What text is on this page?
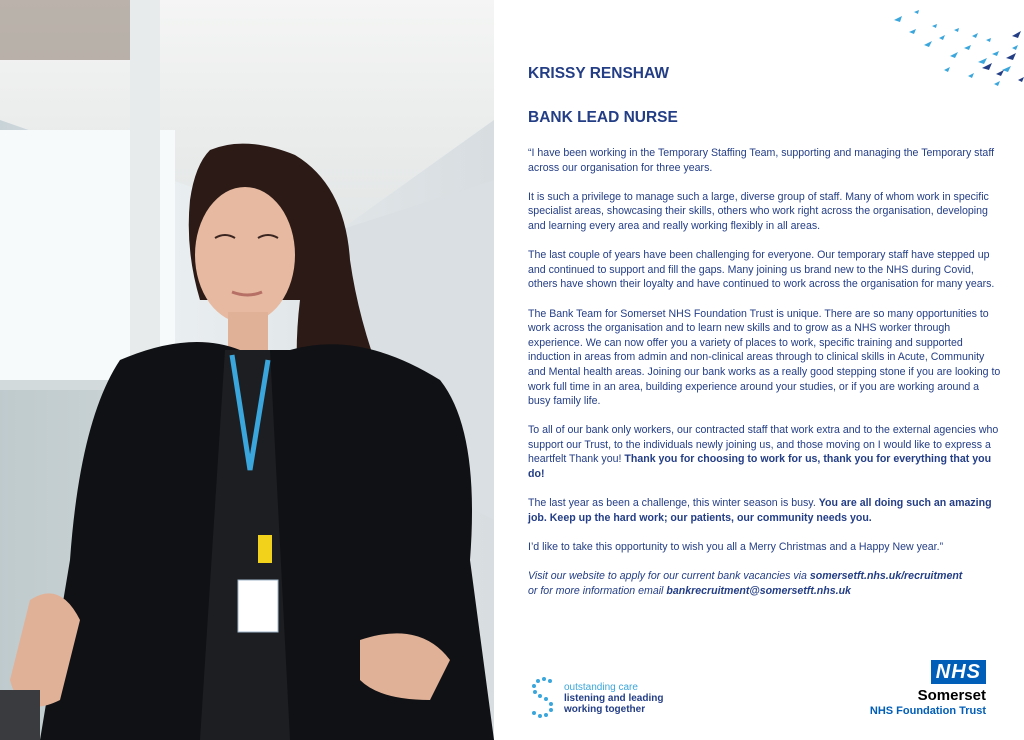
KRISSY RENSHAW
BANK LEAD NURSE

“I have been working in the Temporary Staffing Team, supporting and managing the Temporary staff across our organisation for three years.

It is such a privilege to manage such a large, diverse group of staff. Many of whom work in specific specialist areas, showcasing their skills, others who work right across the organisation, developing and learning every area and really working flexibly in all areas.

The last couple of years have been challenging for everyone. Our temporary staff have stepped up and continued to support and fill the gaps. Many joining us brand new to the NHS during Covid, others have shown their loyalty and have continued to work across the organisation for many years.

The Bank Team for Somerset NHS Foundation Trust is unique. There are so many opportunities to work across the organisation and to learn new skills and to grow as a NHS worker through experience. We can now offer you a variety of places to work, specific training and supported induction in areas from admin and non-clinical areas through to clinical skills in Acute, Community and Mental health areas. Joining our bank works as a really good stepping stone if you are looking to work full time in an area, building experience around your studies, or if you are working around a busy family life.

To all of our bank only workers, our contracted staff that work extra and to the external agencies who support our Trust, to the individuals newly joining us, and those moving on I would like to express a heartfelt Thank you! Thank you for choosing to work for us, thank you for everything that you do!

The last year as been a challenge, this winter season is busy. You are all doing such an amazing job. Keep up the hard work; our patients, our community needs you.

I’d like to take this opportunity to wish you all a Merry Christmas and a Happy New year.”

Visit our website to apply for our current bank vacancies via somersetft.nhs.uk/recruitment
or for more information email bankrecruitment@somersetft.nhs.uk

outstanding care
listening and leading
working together
NHS
Somerset
NHS Foundation Trust
